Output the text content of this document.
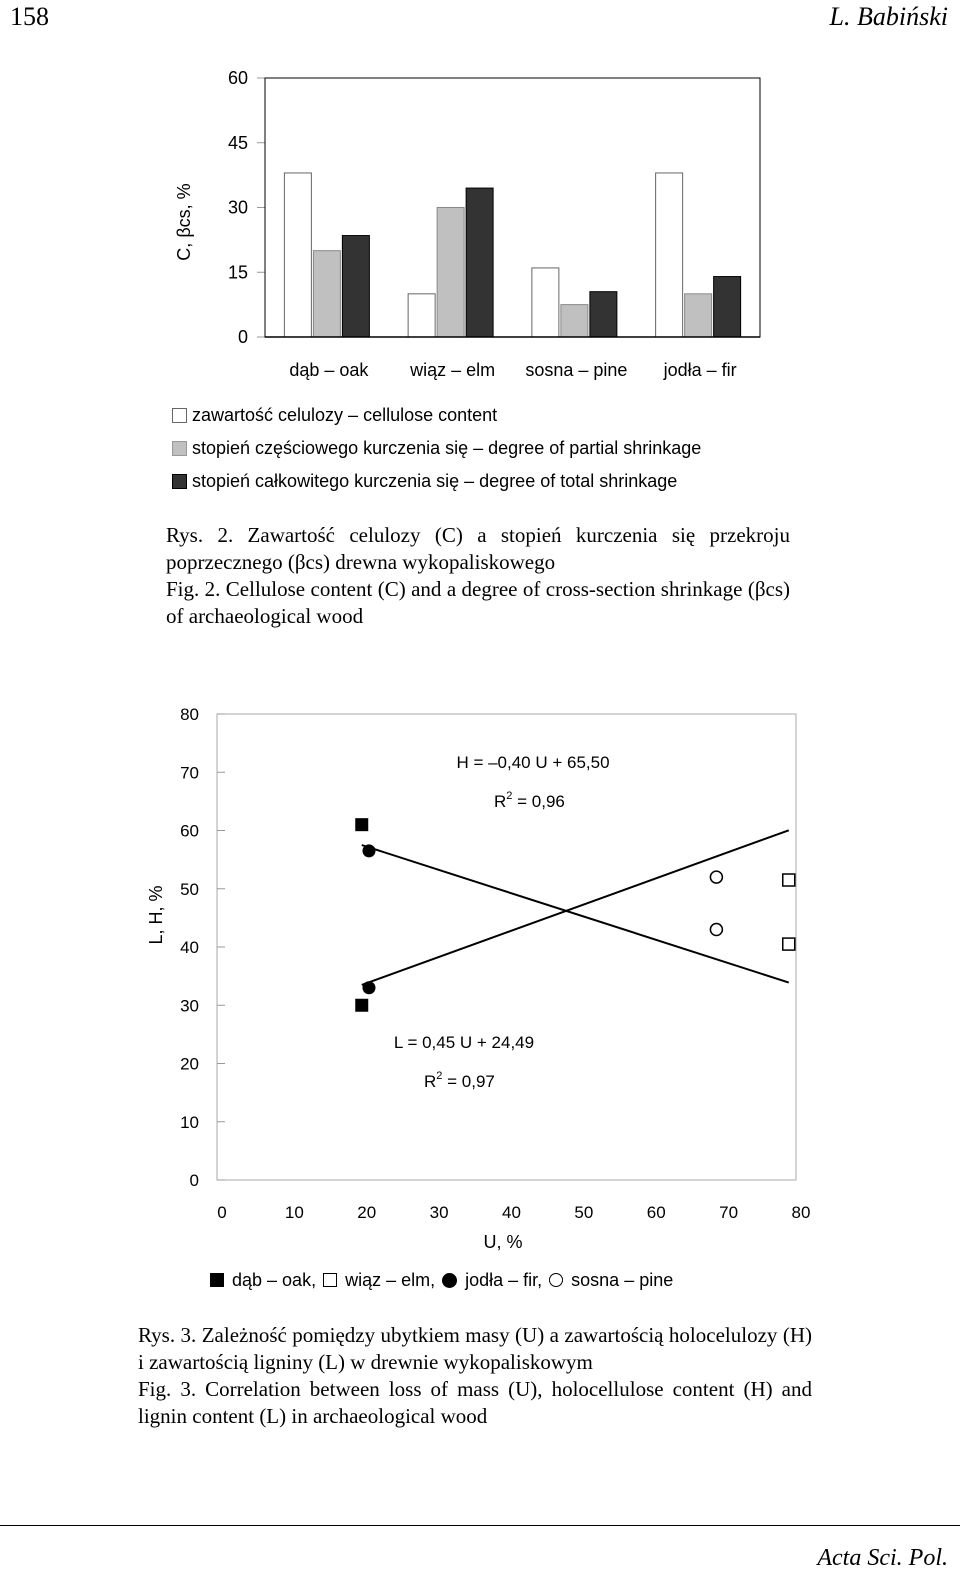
158	L. Babiński
C, βcs, %
0
15
30
45
60
dąb – oak wiąz – elm sosna – pine jodła – fir
zawartość celulozy – cellulose content
stopień częściowego kurczenia się – degree of partial shrinkage
stopień całkowitego kurczenia się – degree of total shrinkage
Rys. 2. Zawartość celulozy (C) a stopień kurczenia się przekroju poprzecznego (βcs) drewna wykopaliskowego
Fig. 2. Cellulose content (C) and a degree of cross-section shrinkage (βcs) of archaeological wood
L, H, %
0
10
20
30
40
50
60
70
80
0	10	20	30	40	50	60	70	80
H = –0,40 U + 65,50
$R^2 = 0,96$
L = 0,45 U + 24,49
$R^2 = 0,97$
U, %
dąb – oak, wiąz – elm, jodła – fir, sosna – pine
Rys. 3. Zależność pomiędzy ubytkiem masy (U) a zawartością holocelulozy (H) i zawartością ligniny (L) w drewnie wykopaliskowym
Fig. 3. Correlation between loss of mass (U), holocellulose content (H) and lignin content (L) in archaeological wood
Acta Sci. Pol.
